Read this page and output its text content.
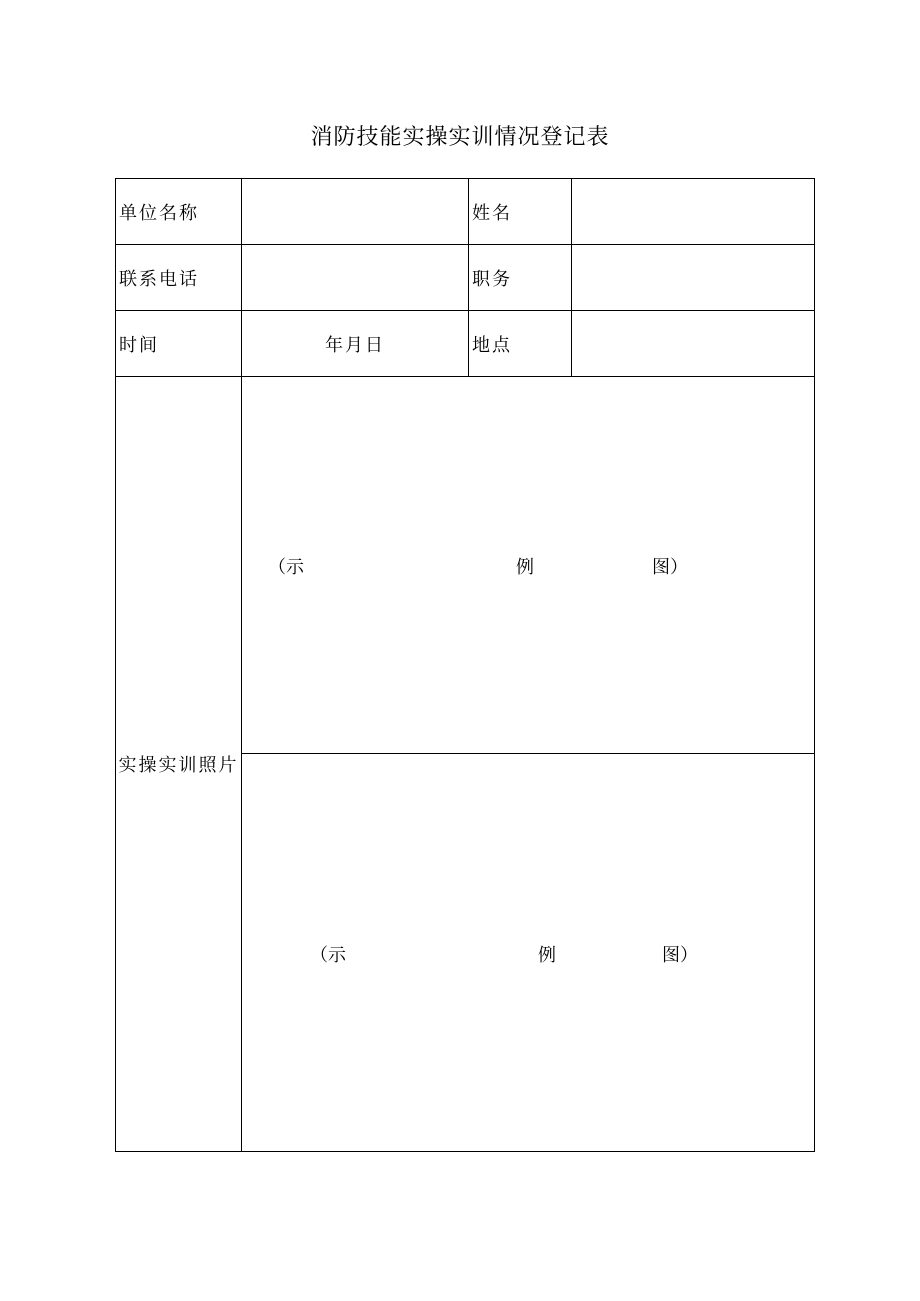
消防技能实操实训情况登记表
单位名称		姓名	
联系电话		职务	
时间	年月日	地点	
实操实训照片	（示 例 图）		

	（示 例 图）		
